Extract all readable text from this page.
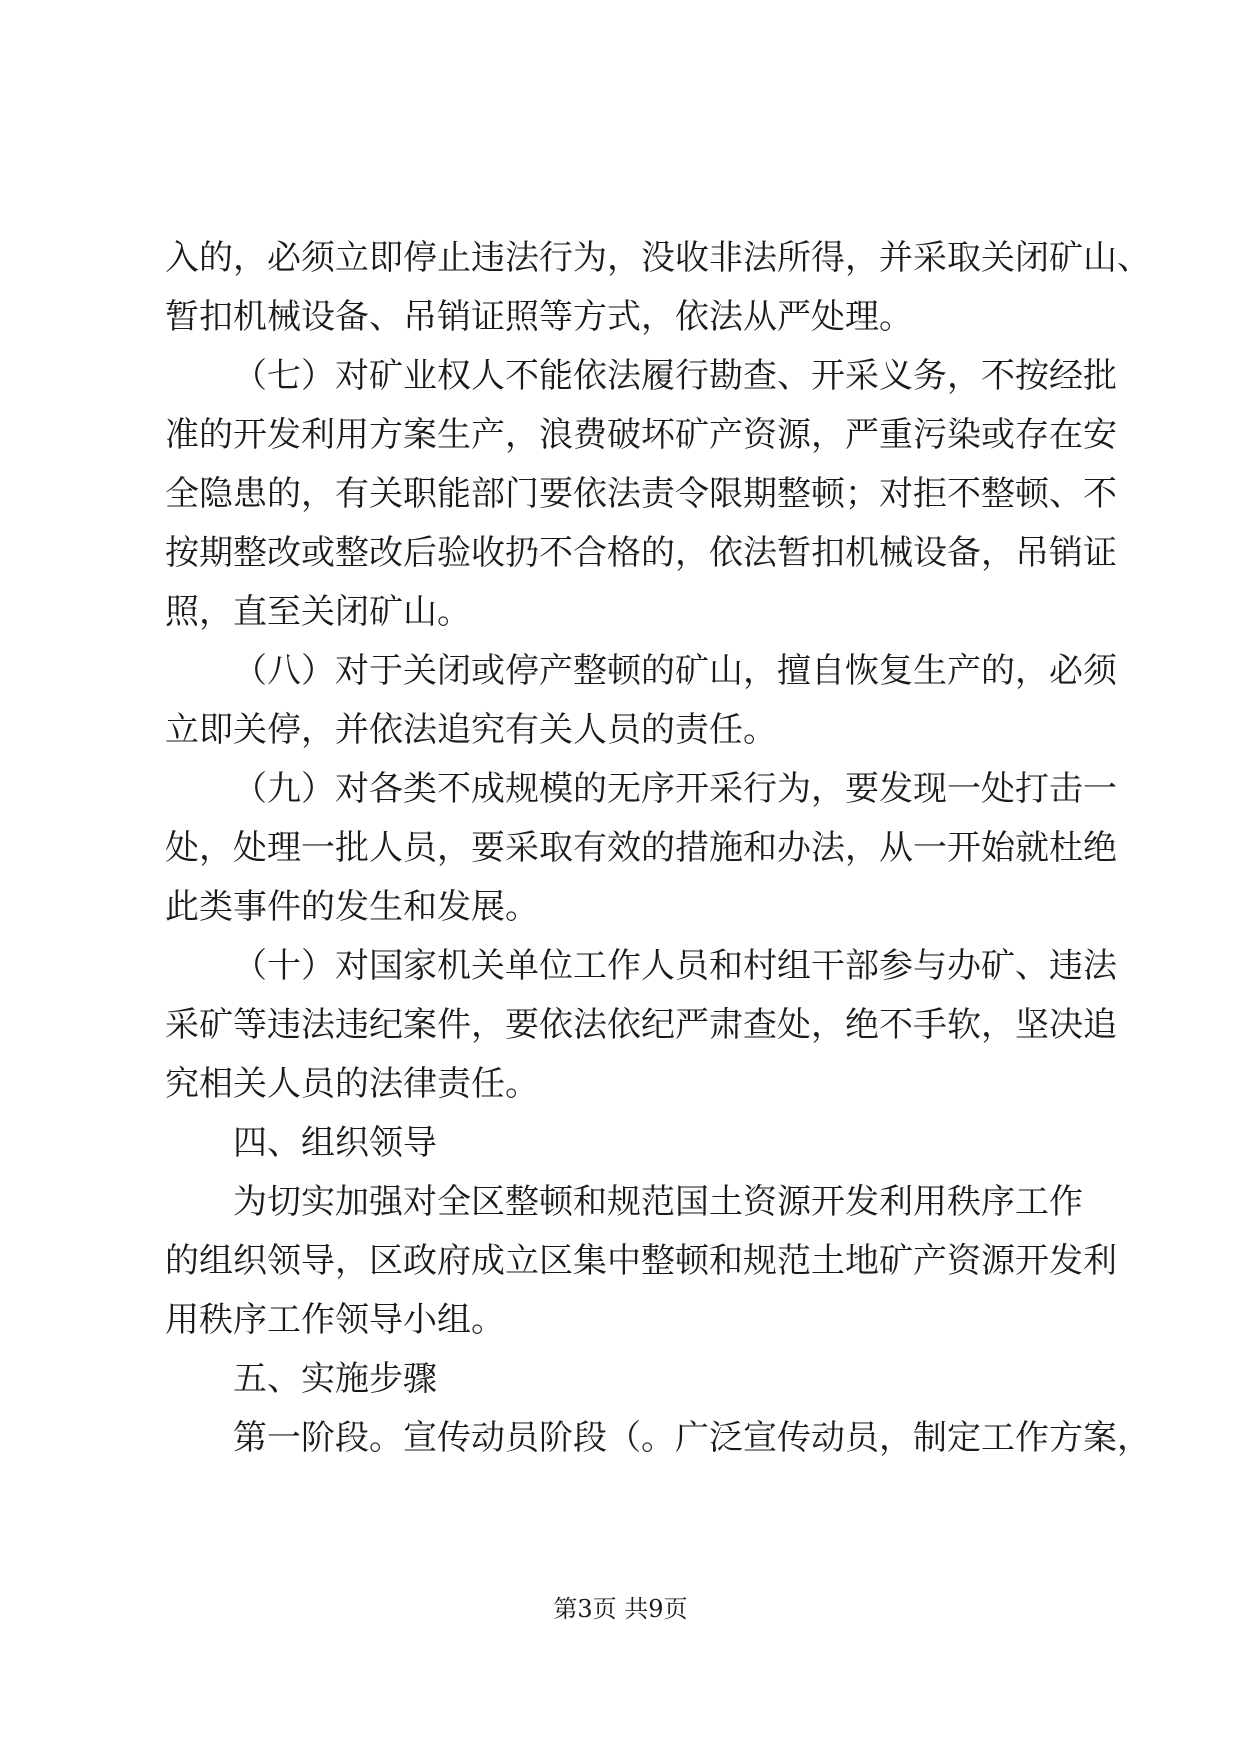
入的，必须立即停止违法行为，没收非法所得，并采取关闭矿山、
暂扣机械设备、吊销证照等方式，依法从严处理。
（七）对矿业权人不能依法履行勘查、开采义务，不按经批
准的开发利用方案生产，浪费破坏矿产资源，严重污染或存在安
全隐患的，有关职能部门要依法责令限期整顿；对拒不整顿、不
按期整改或整改后验收扔不合格的，依法暂扣机械设备，吊销证
照，直至关闭矿山。
（八）对于关闭或停产整顿的矿山，擅自恢复生产的，必须
立即关停，并依法追究有关人员的责任。
（九）对各类不成规模的无序开采行为，要发现一处打击一
处，处理一批人员，要采取有效的措施和办法，从一开始就杜绝
此类事件的发生和发展。
（十）对国家机关单位工作人员和村组干部参与办矿、违法
采矿等违法违纪案件，要依法依纪严肃查处，绝不手软，坚决追
究相关人员的法律责任。
四、组织领导
为切实加强对全区整顿和规范国土资源开发利用秩序工作
的组织领导，区政府成立区集中整顿和规范土地矿产资源开发利
用秩序工作领导小组。
五、实施步骤
第一阶段。宣传动员阶段（。广泛宣传动员，制定工作方案，
第3页 共9页
